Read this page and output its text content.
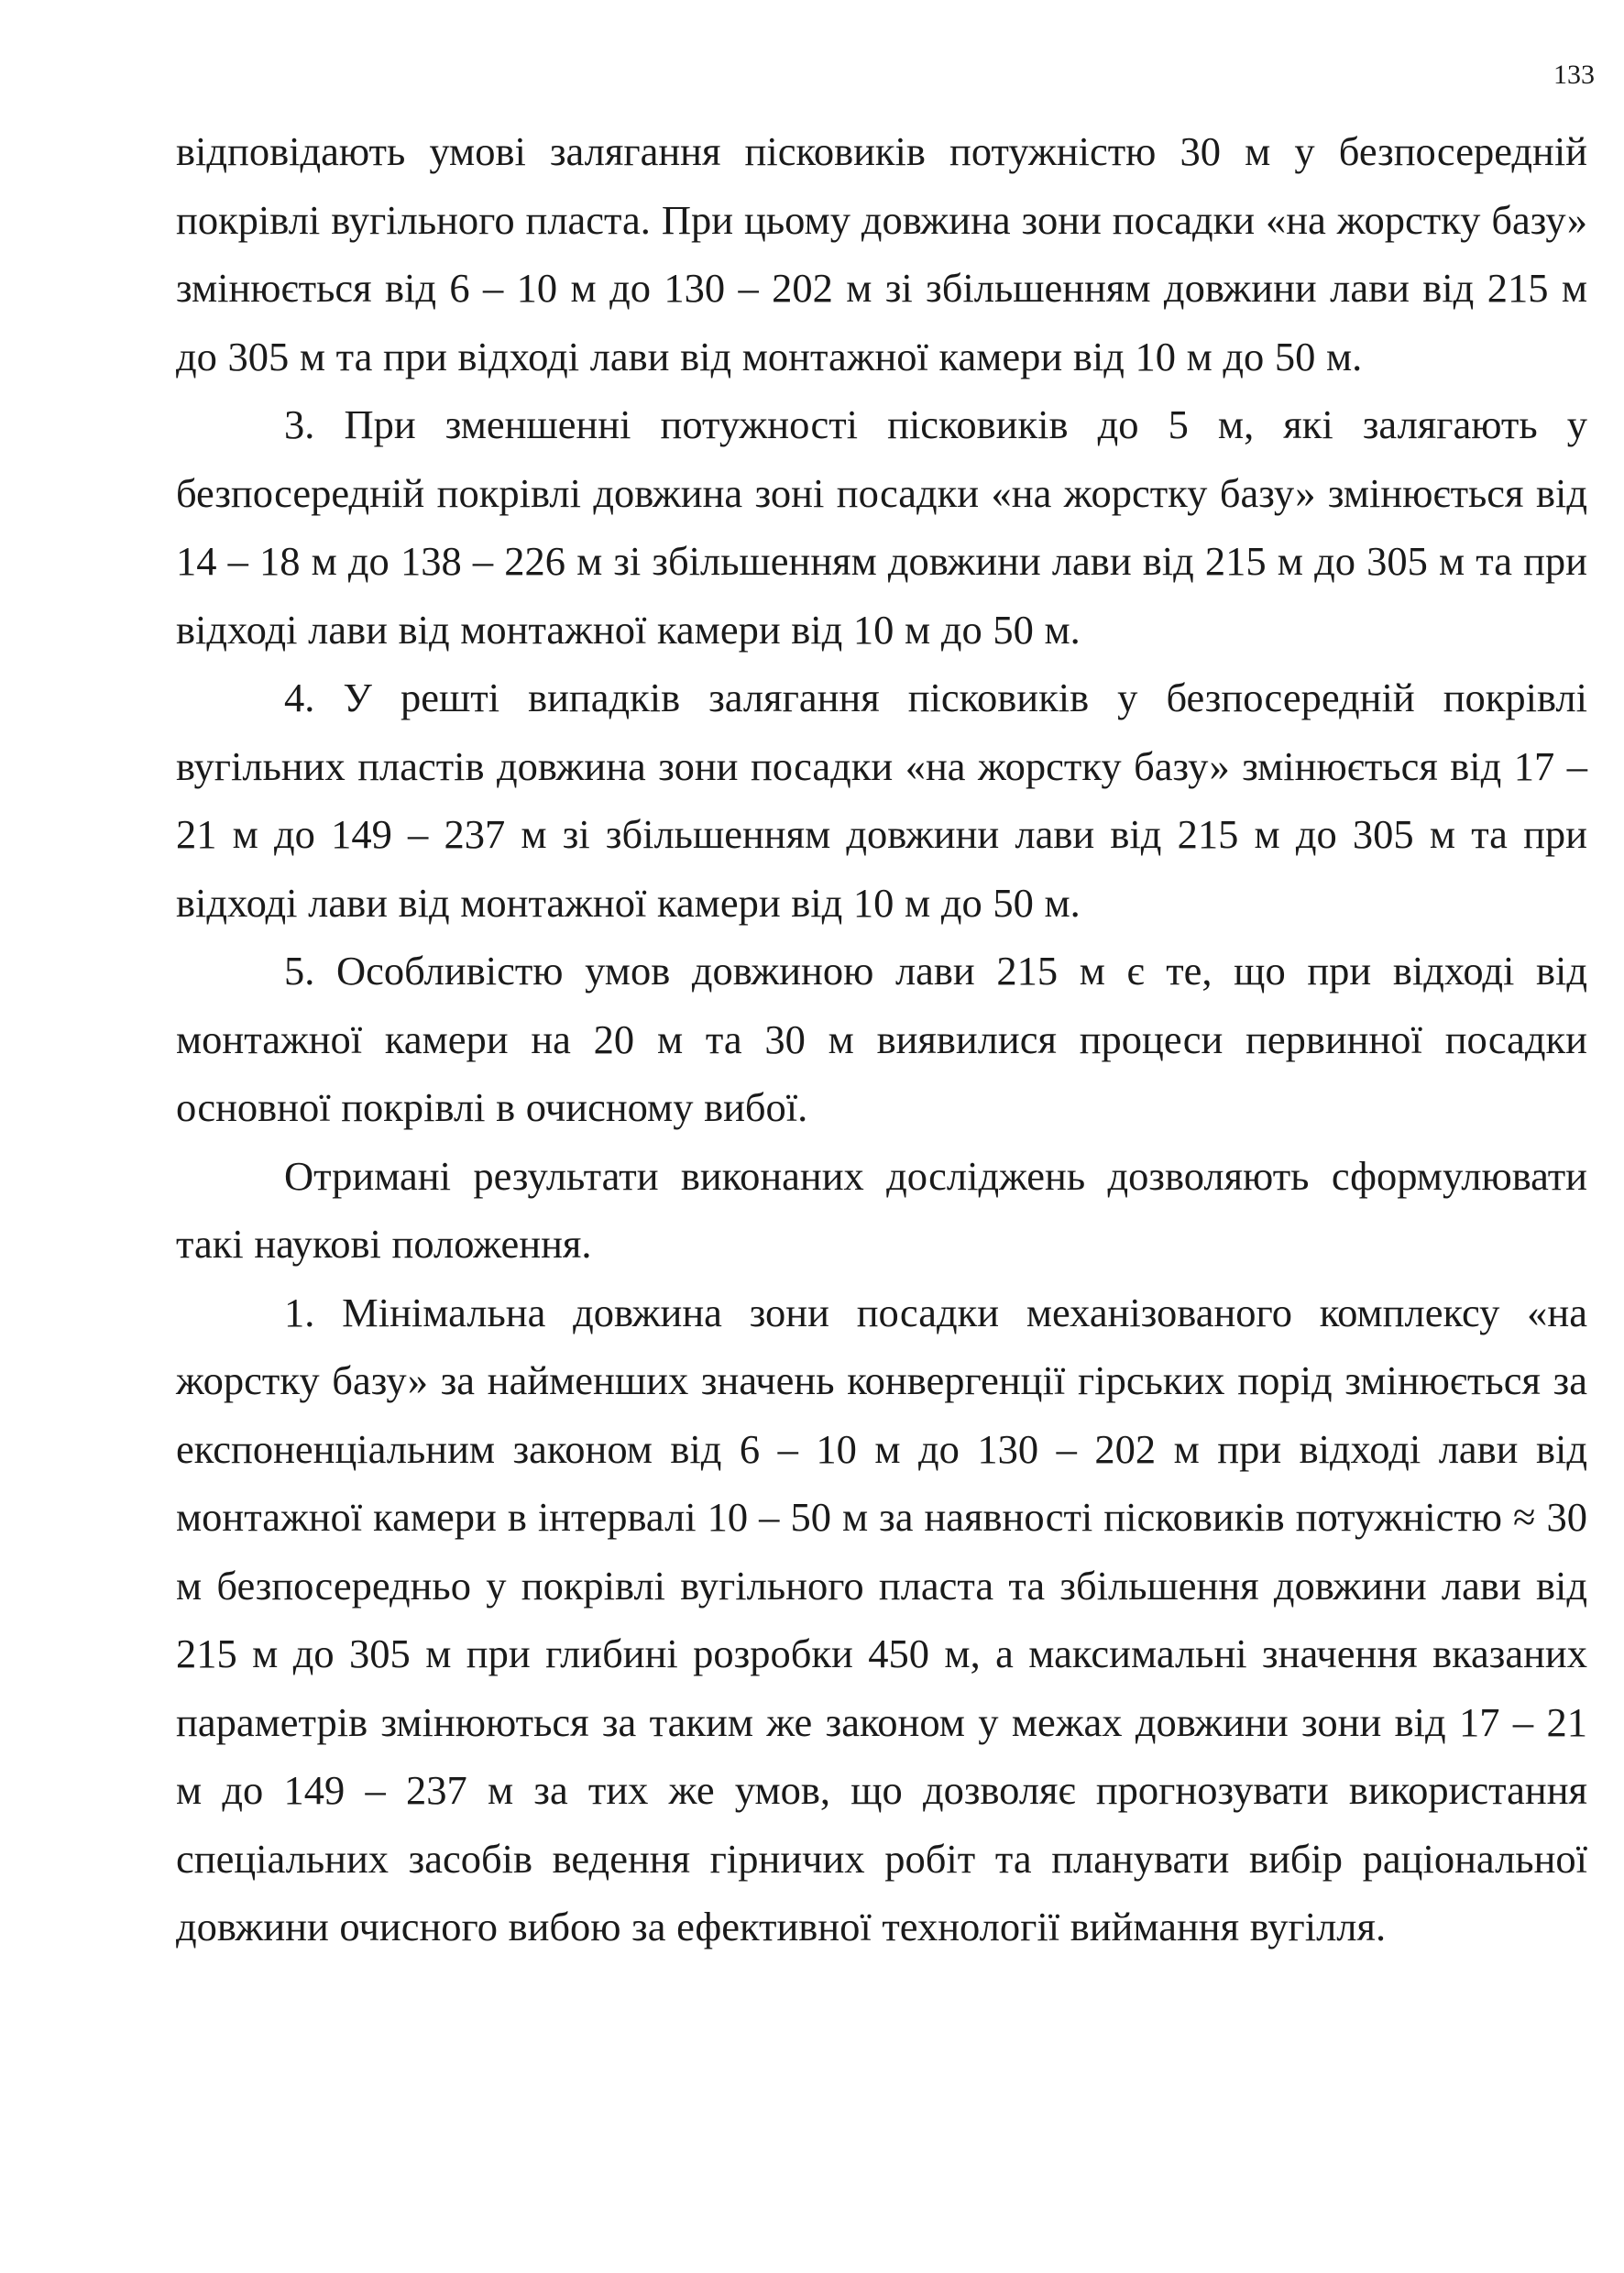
133

відповідають умові залягання пісковиків потужністю 30 м у безпосередній покрівлі вугільного пласта. При цьому довжина зони посадки «на жорстку базу» змінюється від 6 – 10 м до 130 – 202 м зі збільшенням довжини лави від 215 м до 305 м та при відході лави від монтажної камери від 10 м до 50 м.

3. При зменшенні потужності пісковиків до 5 м, які залягають у безпосередній покрівлі довжина зоні посадки «на жорстку базу» змінюється від 14 – 18 м до 138 – 226 м зі збільшенням довжини лави від 215 м до 305 м та при відході лави від монтажної камери від 10 м до 50 м.

4. У решті випадків залягання пісковиків у безпосередній покрівлі вугільних пластів довжина зони посадки «на жорстку базу» змінюється від 17 – 21 м до 149 – 237 м зі збільшенням довжини лави від 215 м до 305 м та при відході лави від монтажної камери від 10 м до 50 м.

5. Особливістю умов довжиною лави 215 м є те, що при відході від монтажної камери на 20 м та 30 м виявилися процеси первинної посадки основної покрівлі в очисному вибої.

Отримані результати виконаних досліджень дозволяють сформулювати такі наукові положення.

1. Мінімальна довжина зони посадки механізованого комплексу «на жорстку базу» за найменших значень конвергенції гірських порід змінюється за експоненціальним законом від 6 – 10 м до 130 – 202 м при відході лави від монтажної камери в інтервалі 10 – 50 м за наявності пісковиків потужністю ≈ 30 м безпосередньо у покрівлі вугільного пласта та збільшення довжини лави від 215 м до 305 м при глибині розробки 450 м, а максимальні значення вказаних параметрів змінюються за таким же законом у межах довжини зони від 17 – 21 м до 149 – 237 м за тих же умов, що дозволяє прогнозувати використання спеціальних засобів ведення гірничих робіт та планувати вибір раціональної довжини очисного вибою за ефективної технології виймання вугілля.
